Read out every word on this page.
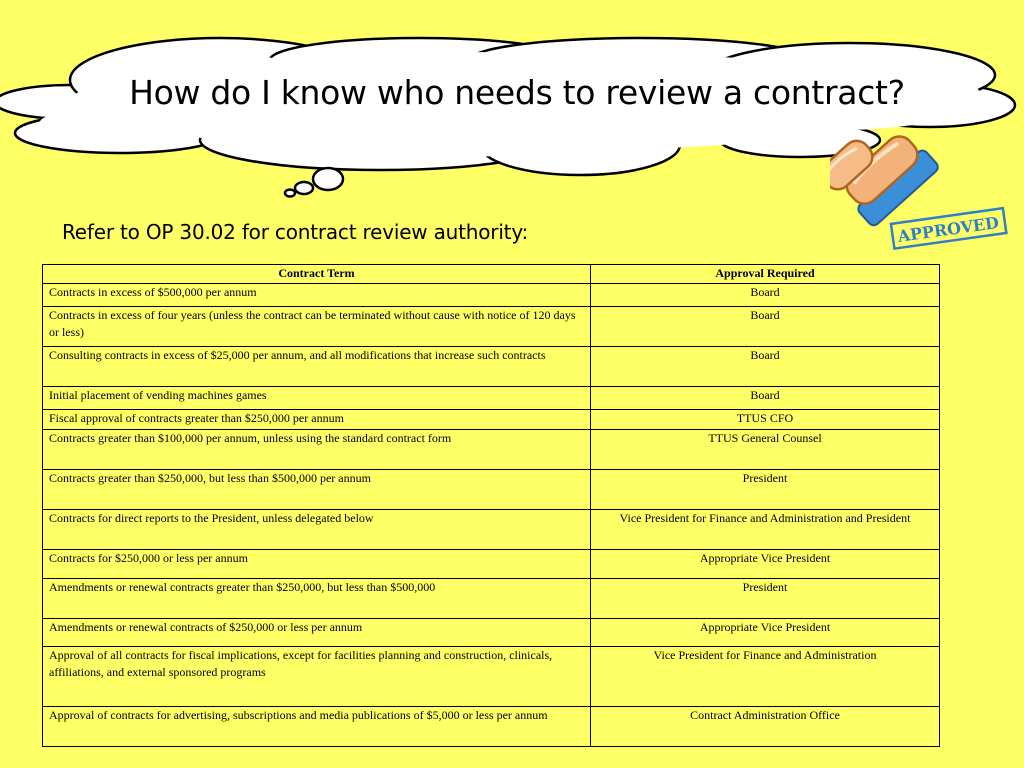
How do I know who needs to review a contract?
Refer to OP 30.02 for contract review authority:	APPROVED
Contract Term	Approval Required
Contracts in excess of $500,000 per annum	Board
Contracts in excess of four years (unless the contract can be terminated without cause with notice of 120 days or less)	Board
Consulting contracts in excess of $25,000 per annum, and all modifications that increase such contracts	Board
Initial placement of vending machines games	Board
Fiscal approval of contracts greater than $250,000 per annum	TTUS CFO
Contracts greater than $100,000 per annum, unless using the standard contract form	TTUS General Counsel
Contracts greater than $250,000, but less than $500,000 per annum	President
Contracts for direct reports to the President, unless delegated below	Vice President for Finance and Administration and President
Contracts for $250,000 or less per annum	Appropriate Vice President
Amendments or renewal contracts greater than $250,000, but less than $500,000	President
Amendments or renewal contracts of $250,000 or less per annum	Appropriate Vice President
Approval of all contracts for fiscal implications, except for facilities planning and construction, clinicals, affiliations, and external sponsored programs	Vice President for Finance and Administration
Approval of contracts for advertising, subscriptions and media publications of $5,000 or less per annum	Contract Administration Office
